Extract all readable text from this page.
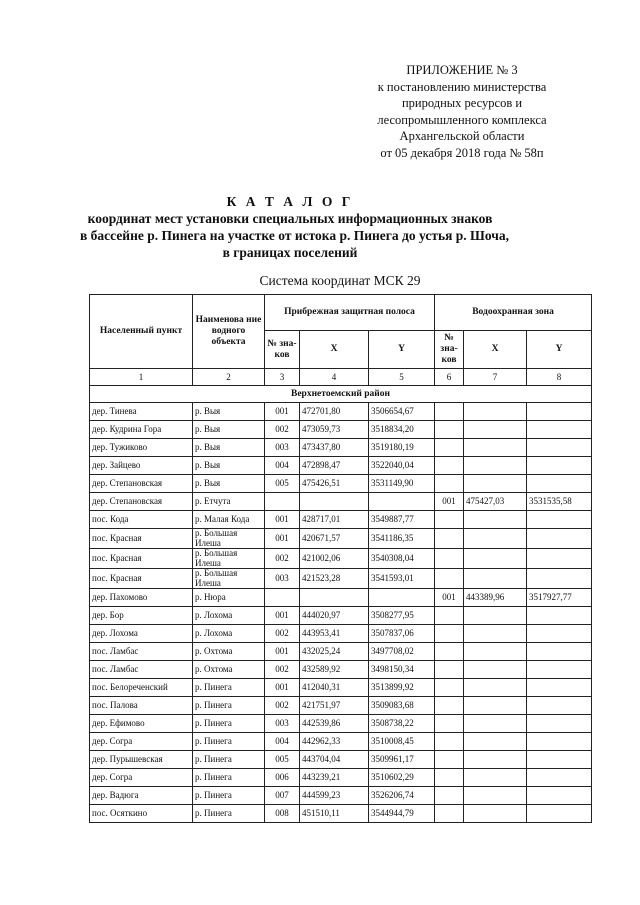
ПРИЛОЖЕНИЕ № 3
к постановлению министерства
природных ресурсов и
лесопромышленного комплекса
Архангельской области
от 05 декабря 2018 года № 58п
К А Т А Л О Г
координат мест установки специальных информационных знаков
в бассейне р. Пинега на участке от истока р. Пинега до устья р. Шоча,
в границах поселений
Система координат МСК 29
Населенный пункт	Наименова ние водного объекта	Прибрежная защитная полоса			Водоохранная зона		
		№ зна-ков	X	Y	№ зна-ков	X	Y
1	2	3	4	5	6	7	8
Верхнетоемский район							
дер. Тинева	р. Выя	001	472701,80	3506654,67			
дер. Кудрина Гора	р. Выя	002	473059,73	3518834,20			
дер. Тужиково	р. Выя	003	473437,80	3519180,19			
дер. Зайцево	р. Выя	004	472898,47	3522040,04			
дер. Степановская	р. Выя	005	475426,51	3531149,90			
дер. Степановская	р. Етчута				001	475427,03	3531535,58
пос. Кода	р. Малая Кода	001	428717,01	3549887,77			
пос. Красная	р. Большая Илеша	001	420671,57	3541186,35			
пос. Красная	р. Большая Илеша	002	421002,06	3540308,04			
пос. Красная	р. Большая Илеша	003	421523,28	3541593,01			
дер. Пахомово	р. Нюра				001	443389,96	3517927,77
дер. Бор	р. Лохома	001	444020,97	3508277,95			
дер. Лохома	р. Лохома	002	443953,41	3507837,06			
пос. Ламбас	р. Охтома	001	432025,24	3497708,02			
пос. Ламбас	р. Охтома	002	432589,92	3498150,34			
пос. Белореченский	р. Пинега	001	412040,31	3513899,92			
пос. Палова	р. Пинега	002	421751,97	3509083,68			
дер. Ефимово	р. Пинега	003	442539,86	3508738,22			
дер. Согра	р. Пинега	004	442962,33	3510008,45			
дер. Пурышевская	р. Пинега	005	443704,04	3509961,17			
дер. Согра	р. Пинега	006	443239,21	3510602,29			
дер. Вадюга	р. Пинега	007	444599,23	3526206,74			
пос. Осяткино	р. Пинега	008	451510,11	3544944,79			
